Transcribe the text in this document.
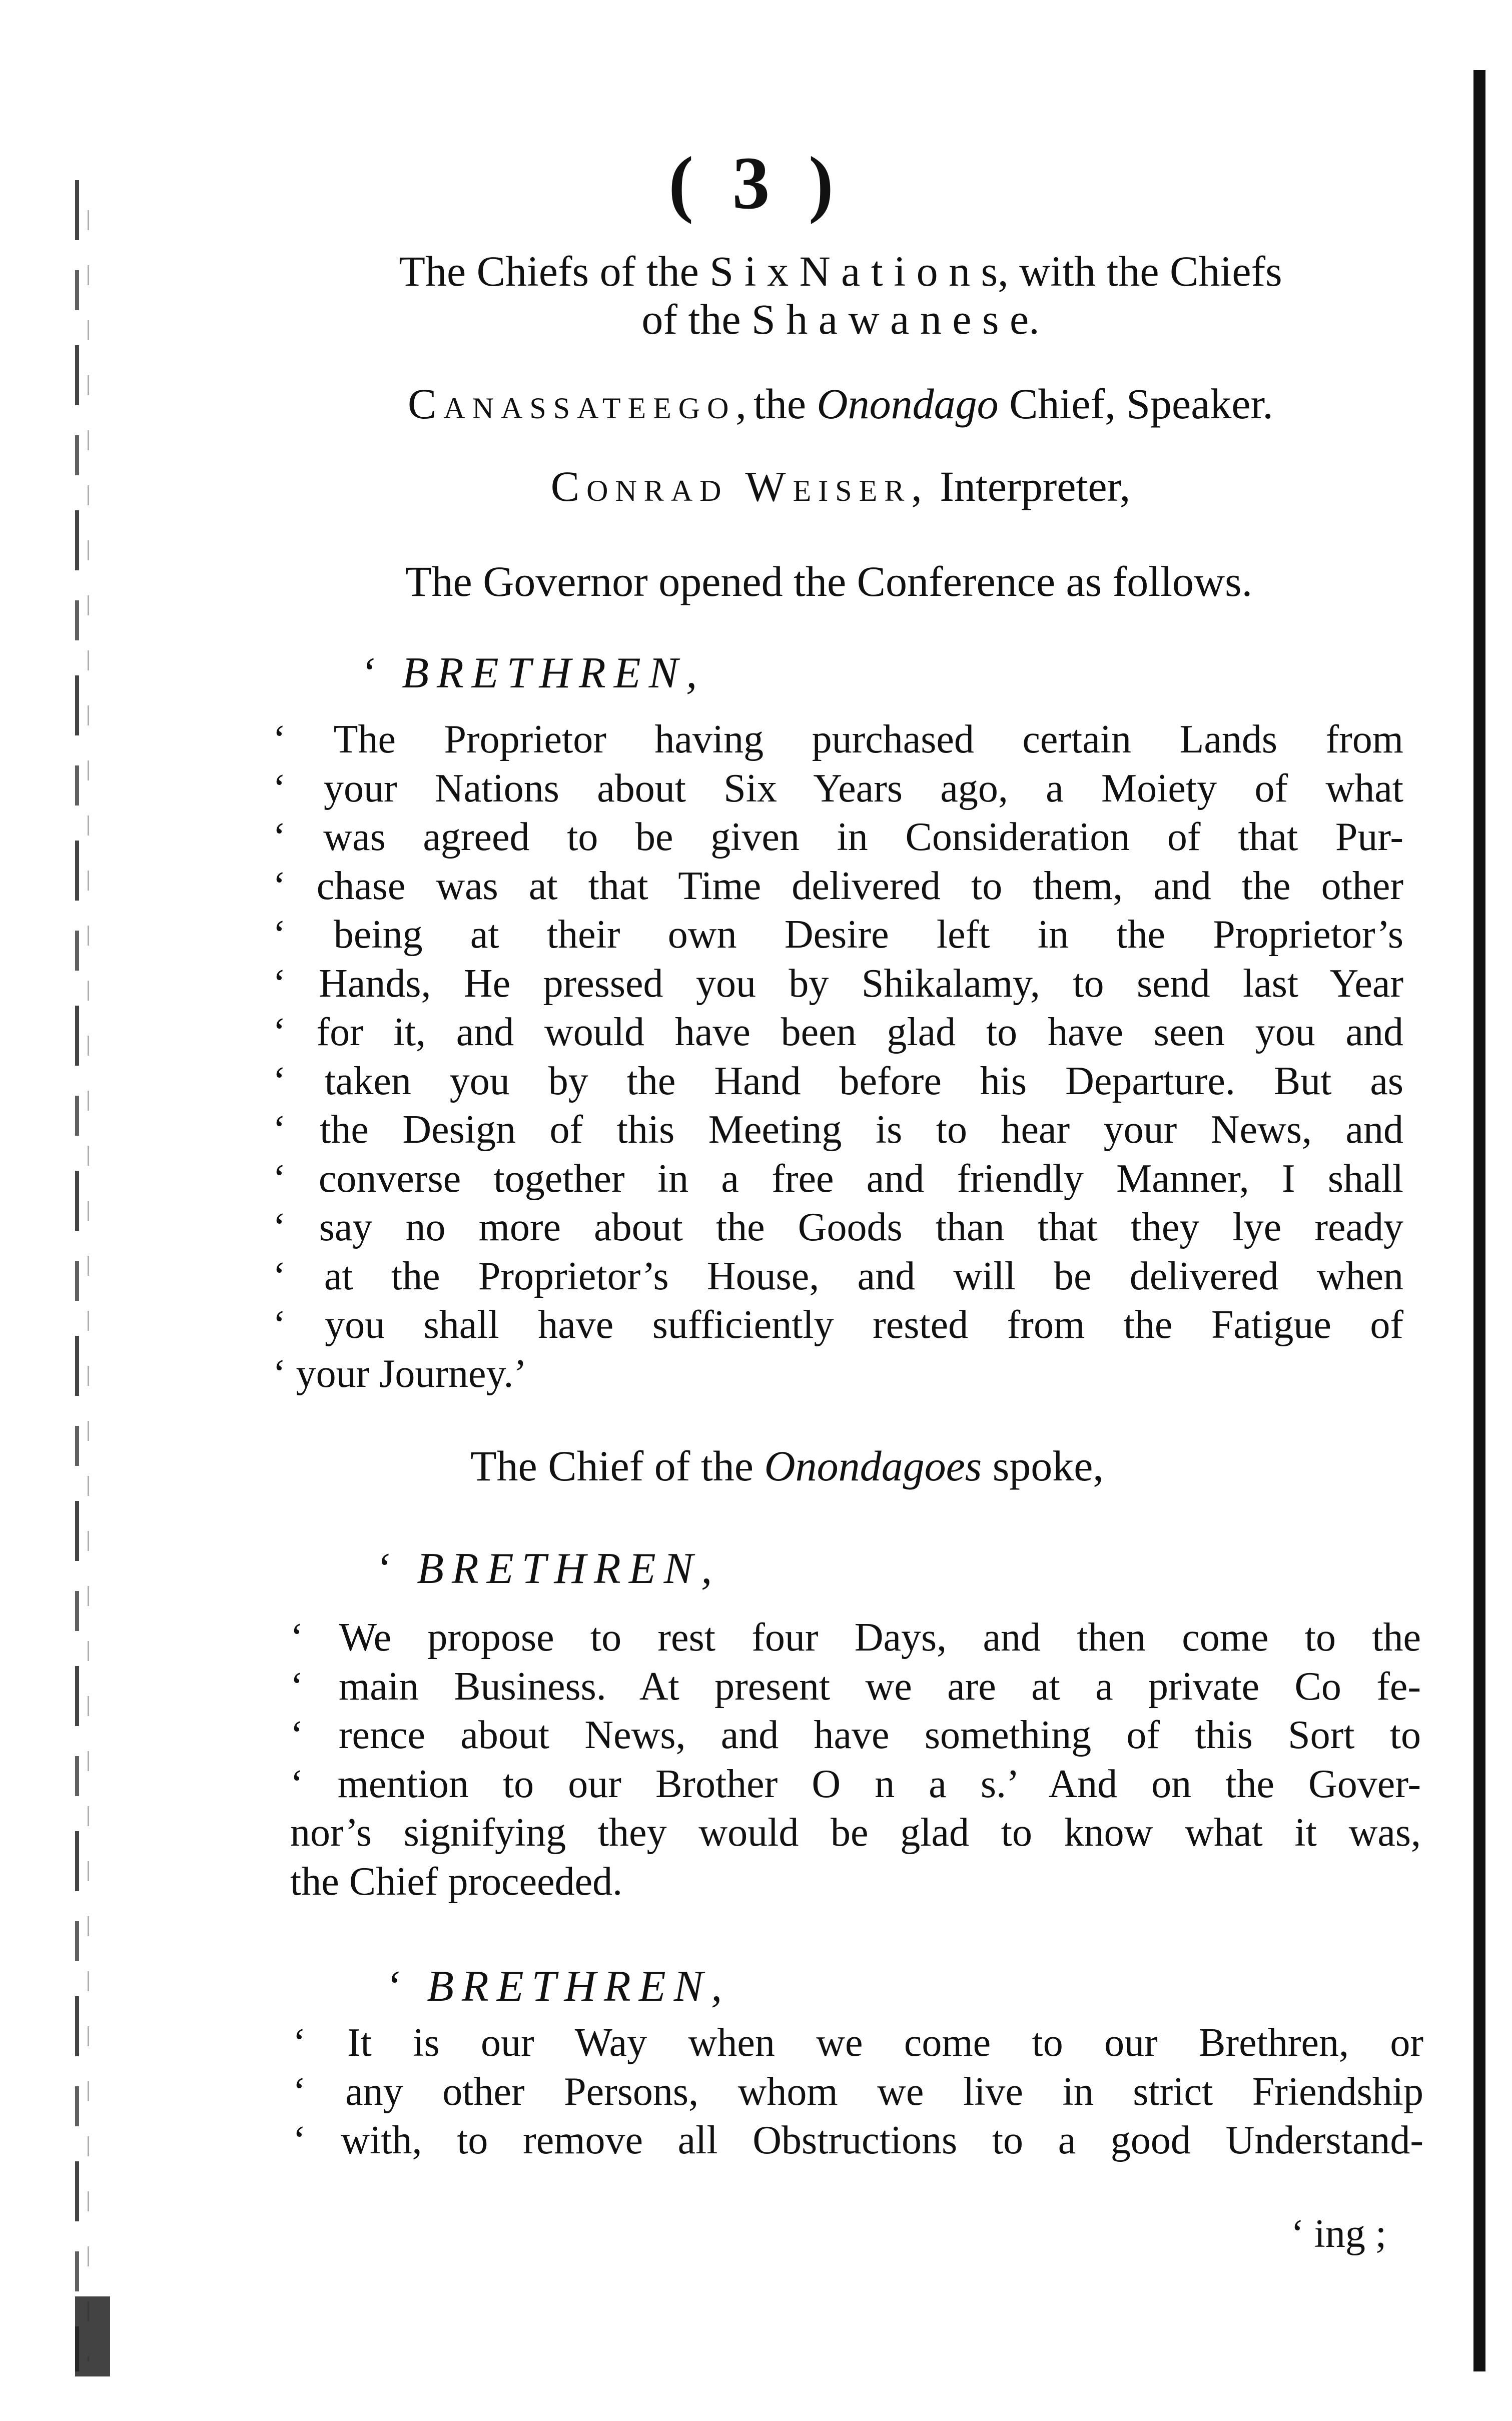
( 3 )
The Chiefs of the S i x N a t i o n s, with the Chiefs
of the S h a w a n e s e.
Canassateego,the Onondago Chief, Speaker.
Conrad Weiser, Interpreter,
The Governor opened the Conference as follows.
‘ BRETHREN,
‘ The Proprietor having purchased certain Lands from
‘ your Nations about Six Years ago, a Moiety of what
‘ was agreed to be given in Consideration of that Pur-
‘ chase was at that Time delivered to them, and the other
‘ being at their own Desire left in the Proprietor’s
‘ Hands, He pressed you by Shikalamy, to send last Year
‘ for it, and would have been glad to have seen you and
‘ taken you by the Hand before his Departure. But as
‘ the Design of this Meeting is to hear your News, and
‘ converse together in a free and friendly Manner, I shall
‘ say no more about the Goods than that they lye ready
‘ at the Proprietor’s House, and will be delivered when
‘ you shall have sufficiently rested from the Fatigue of
‘ your Journey.’
The Chief of the Onondagoes spoke,
‘ BRETHREN,
‘ We propose to rest four Days, and then come to the
‘ main Business. At present we are at a private Co fe-
‘ rence about News, and have something of this Sort to
‘ mention to our Brother O n a s.’ And on the Gover-
nor’s signifying they would be glad to know what it was,
the Chief proceeded.
‘ BRETHREN,
‘ It is our Way when we come to our Brethren, or
‘ any other Persons, whom we live in strict Friendship
‘ with, to remove all Obstructions to a good Understand-
‘ ing ;
